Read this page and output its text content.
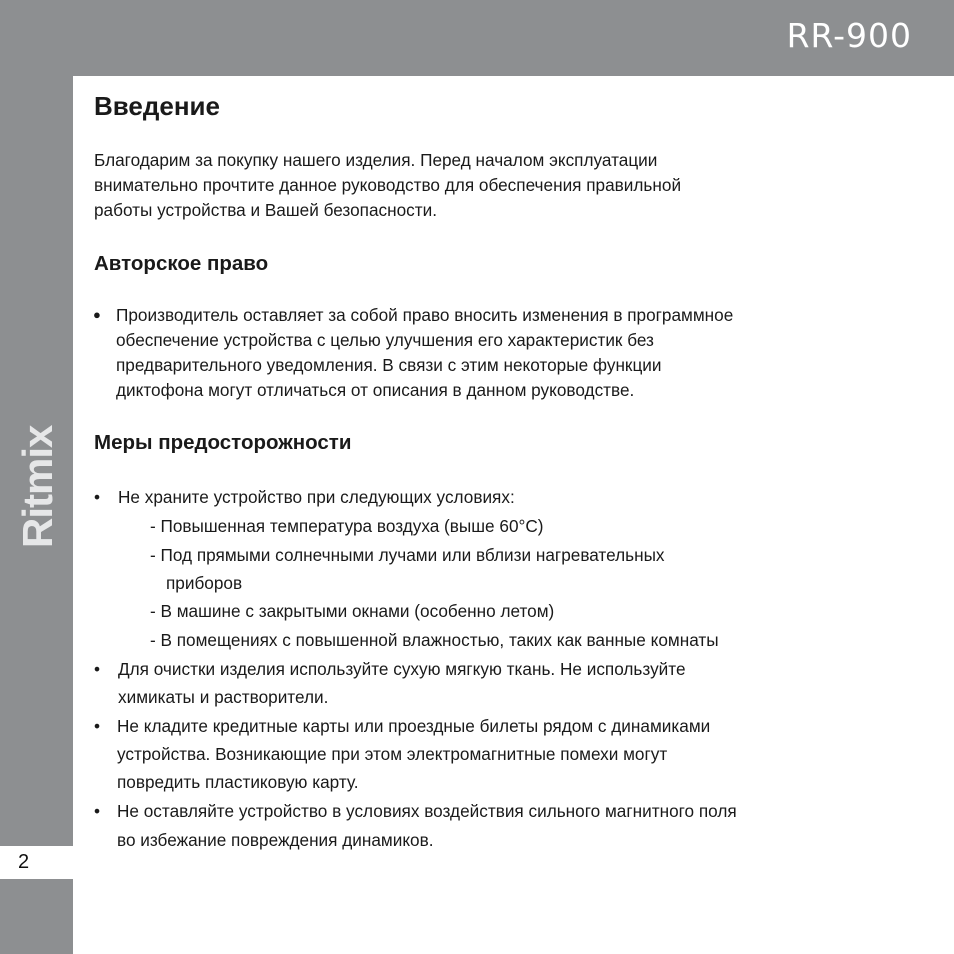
RR-900
Ritmix
2
Введение
Благодарим за покупку нашего изделия. Перед началом эксплуатации
внимательно прочтите данное руководство для обеспечения правильной
работы устройства и Вашей безопасности.
Авторское право
● Производитель оставляет за собой право вносить изменения в программное
обеспечение устройства с целью улучшения его характеристик без
предварительного уведомления. В связи с этим некоторые функции
диктофона могут отличаться от описания в данном руководстве.
Меры предосторожности
• Не храните устройство при следующих условиях:
- Повышенная температура воздуха (выше 60°C)
- Под прямыми солнечными лучами или вблизи нагревательных
приборов
- В машине с закрытыми окнами (особенно летом)
- В помещениях с повышенной влажностью, таких как ванные комнаты
• Для очистки изделия используйте сухую мягкую ткань. Не используйте
химикаты и растворители.
• Не кладите кредитные карты или проездные билеты рядом с динамиками
устройства. Возникающие при этом электромагнитные помехи могут
повредить пластиковую карту.
• Не оставляйте устройство в условиях воздействия сильного магнитного поля
во избежание повреждения динамиков.
